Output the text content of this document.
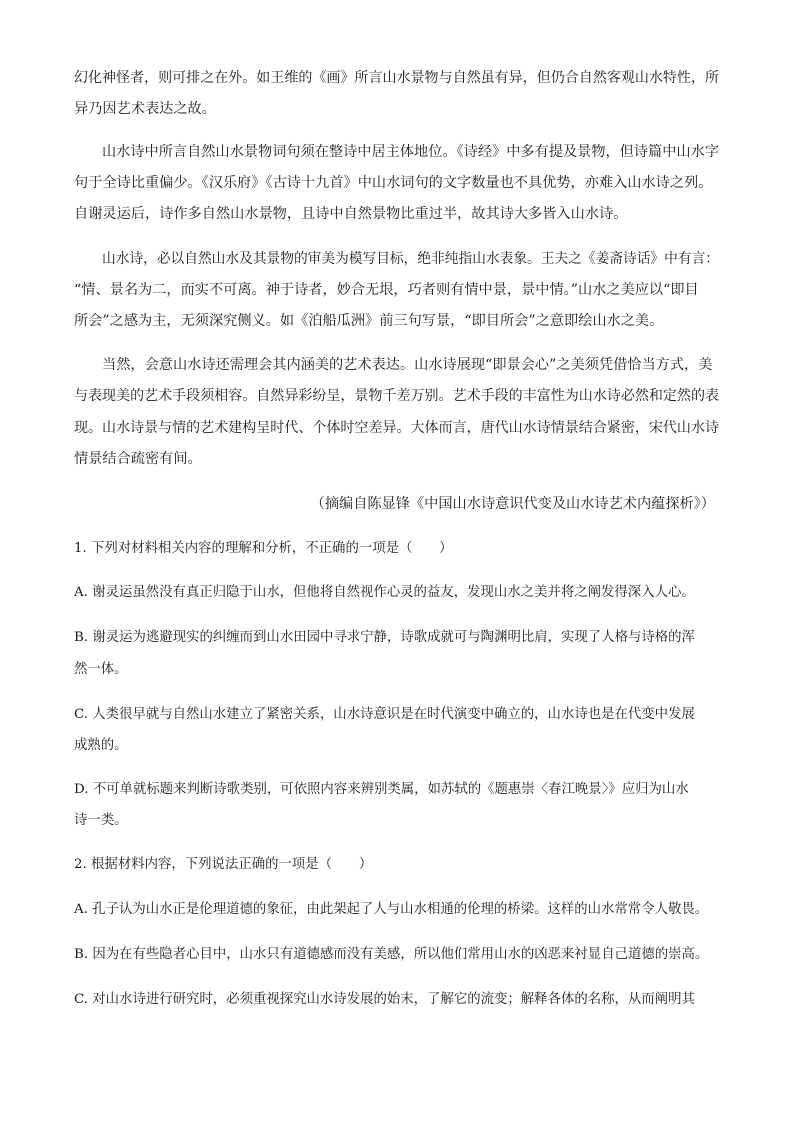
幻化神怪者，则可排之在外。如王维的《画》所言山水景物与自然虽有异，但仍合自然客观山水特性，所
异乃因艺术表达之故。
山水诗中所言自然山水景物词句须在整诗中居主体地位。《诗经》中多有提及景物，但诗篇中山水字
句于全诗比重偏少。《汉乐府》《古诗十九首》中山水词句的文字数量也不具优势，亦难入山水诗之列。
自谢灵运后，诗作多自然山水景物，且诗中自然景物比重过半，故其诗大多皆入山水诗。
山水诗，必以自然山水及其景物的审美为模写目标，绝非纯指山水表象。王夫之《姜斋诗话》中有言：
“情、景名为二，而实不可离。神于诗者，妙合无垠，巧者则有情中景，景中情。”山水之美应以“即目
所会”之感为主，无须深究侧义。如《泊船瓜洲》前三句写景，“即目所会”之意即绘山水之美。
当然，会意山水诗还需理会其内涵美的艺术表达。山水诗展现“即景会心”之美须凭借恰当方式，美
与表现美的艺术手段须相容。自然异彩纷呈，景物千差万别。艺术手段的丰富性为山水诗必然和定然的表
现。山水诗景与情的艺术建构呈时代、个体时空差异。大体而言，唐代山水诗情景结合紧密，宋代山水诗
情景结合疏密有间。
（摘编自陈显锋《中国山水诗意识代变及山水诗艺术内蕴探析》）
1. 下列对材料相关内容的理解和分析，不正确的一项是（　　）
A. 谢灵运虽然没有真正归隐于山水，但他将自然视作心灵的益友，发现山水之美并将之阐发得深入人心。
B. 谢灵运为逃避现实的纠缠而到山水田园中寻求宁静，诗歌成就可与陶渊明比肩，实现了人格与诗格的浑
然一体。
C. 人类很早就与自然山水建立了紧密关系，山水诗意识是在时代演变中确立的，山水诗也是在代变中发展
成熟的。
D. 不可单就标题来判断诗歌类别，可依照内容来辨别类属，如苏轼的《题惠崇〈春江晚景〉》应归为山水
诗一类。
2. 根据材料内容，下列说法正确的一项是（　　）
A. 孔子认为山水正是伦理道德的象征，由此架起了人与山水相通的伦理的桥梁。这样的山水常常令人敬畏。
B. 因为在有些隐者心目中，山水只有道德感而没有美感，所以他们常用山水的凶恶来衬显自己道德的崇高。
C. 对山水诗进行研究时，必须重视探究山水诗发展的始末，了解它的流变；解释各体的名称，从而阐明其
